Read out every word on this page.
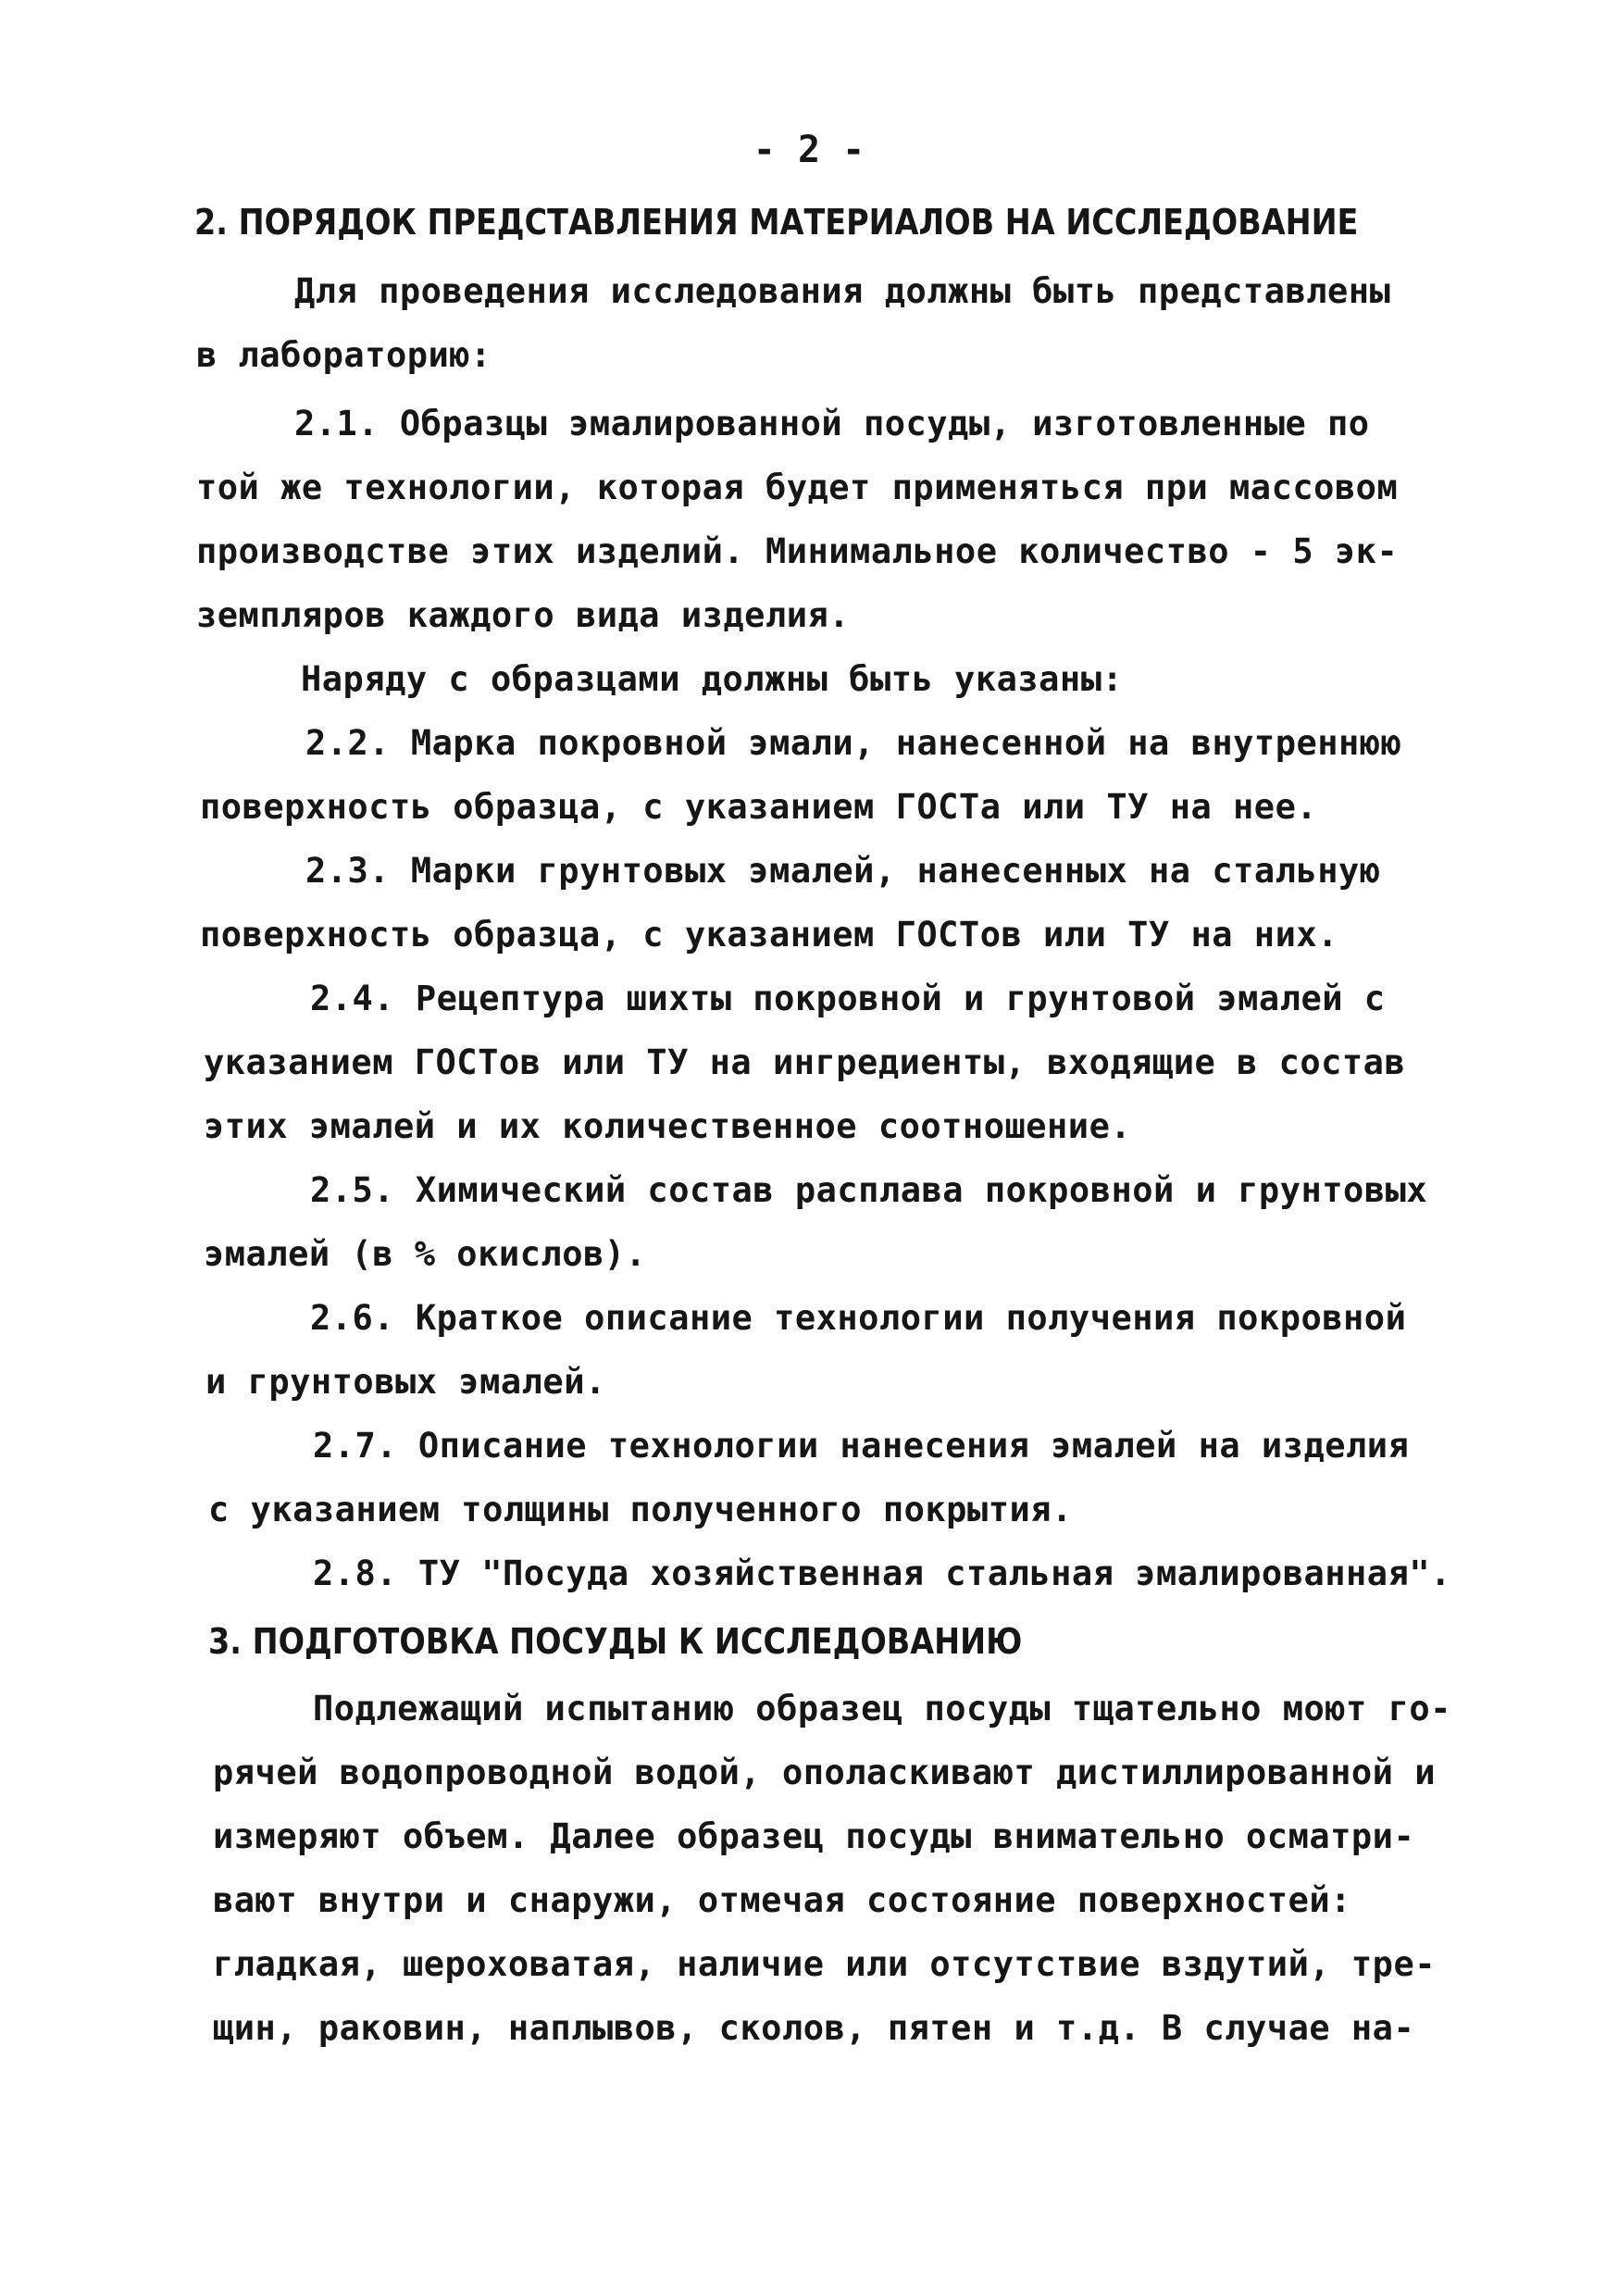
- 2 -
2. ПОРЯДОК ПРЕДСТАВЛЕНИЯ МАТЕРИАЛОВ НА ИССЛЕДОВАНИЕ
Для проведения исследования должны быть представлены
в лабораторию:
2.1. Образцы эмалированной посуды, изготовленные по
той же технологии, которая будет применяться при массовом
производстве этих изделий. Минимальное количество - 5 эк-
земпляров каждого вида изделия.
Наряду с образцами должны быть указаны:
2.2. Марка покровной эмали, нанесенной на внутреннюю
поверхность образца, с указанием ГОСТа или ТУ на нее.
2.3. Марки грунтовых эмалей, нанесенных на стальную
поверхность образца, с указанием ГОСТов или ТУ на них.
2.4. Рецептура шихты покровной и грунтовой эмалей с
указанием ГОСТов или ТУ на ингредиенты, входящие в состав
этих эмалей и их количественное соотношение.
2.5. Химический состав расплава покровной и грунтовых
эмалей (в % окислов).
2.6. Краткое описание технологии получения покровной
и грунтовых эмалей.
2.7. Описание технологии нанесения эмалей на изделия
с указанием толщины полученного покрытия.
2.8. ТУ "Посуда хозяйственная стальная эмалированная".
3. ПОДГОТОВКА ПОСУДЫ К ИССЛЕДОВАНИЮ
Подлежащий испытанию образец посуды тщательно моют го-
рячей водопроводной водой, ополаскивают дистиллированной и
измеряют объем. Далее образец посуды внимательно осматри-
вают внутри и снаружи, отмечая состояние поверхностей:
гладкая, шероховатая, наличие или отсутствие вздутий, тре-
щин, раковин, наплывов, сколов, пятен и т.д. В случае на-
